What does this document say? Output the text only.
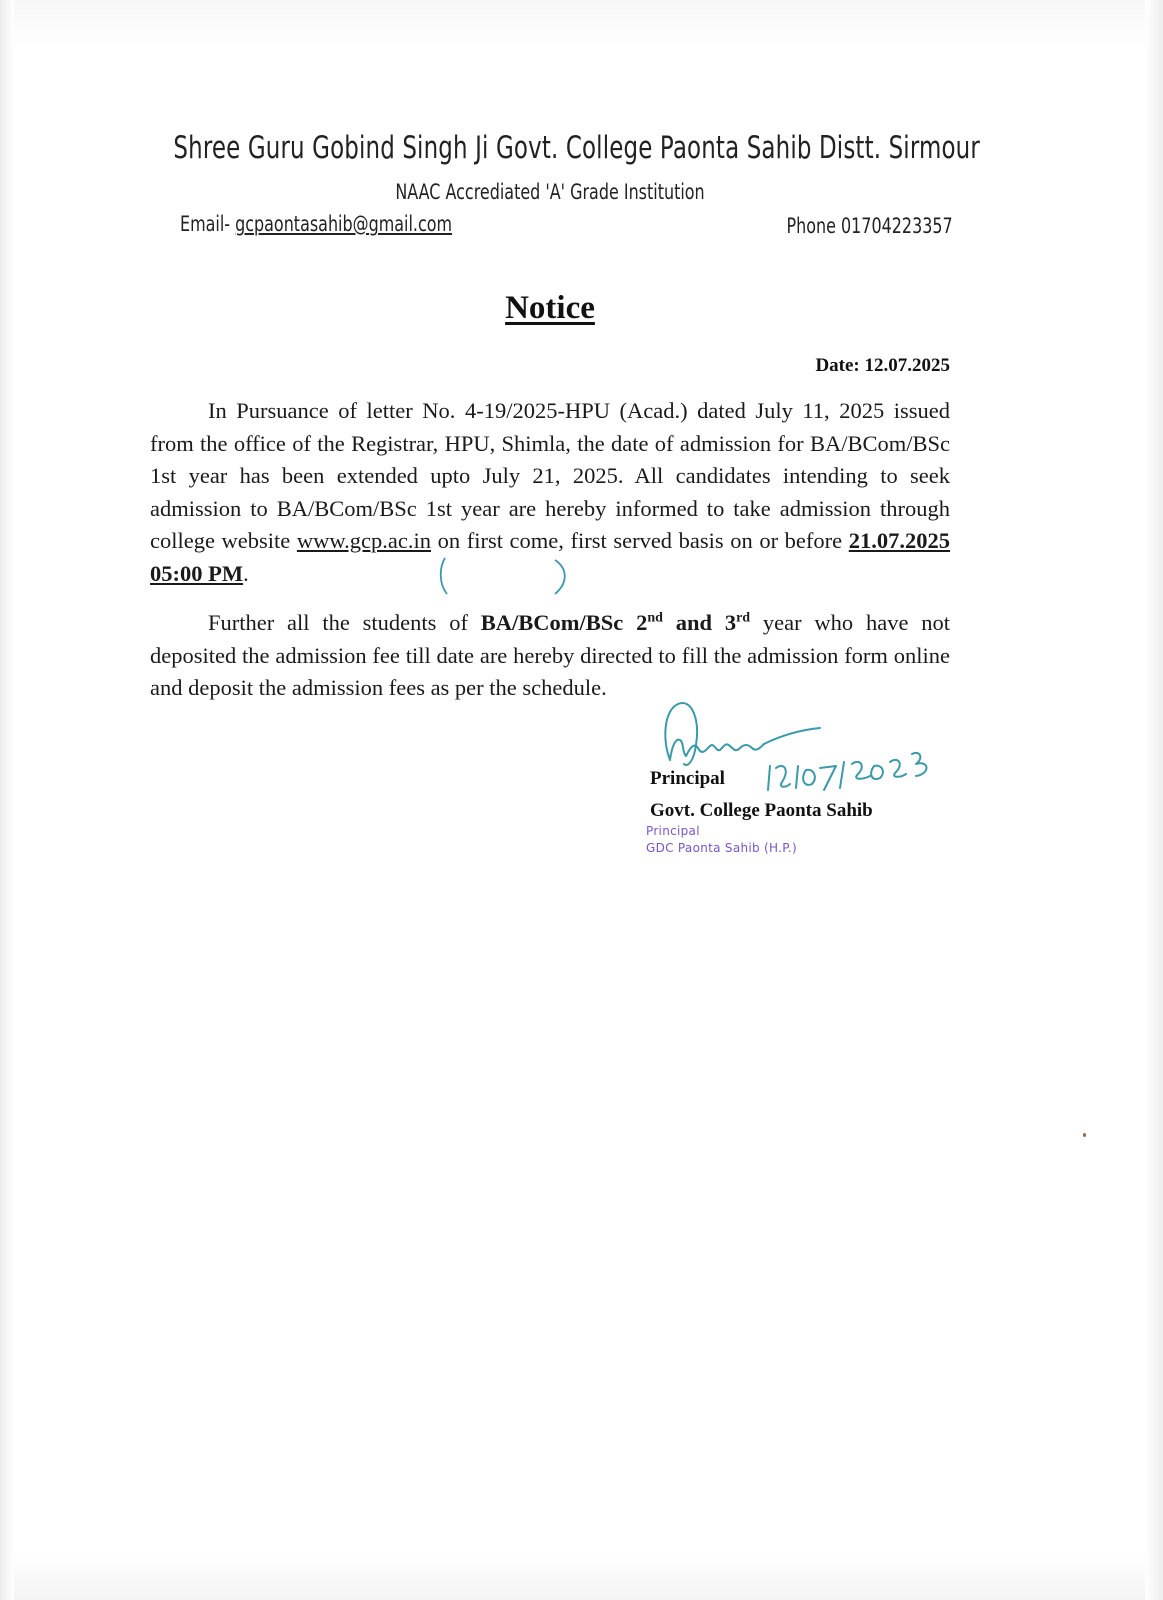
Shree Guru Gobind Singh Ji Govt. College Paonta Sahib Distt. Sirmour
NAAC Accrediated 'A' Grade Institution
Email- gcpaontasahib@gmail.com	Phone 01704223357
Notice
Date: 12.07.2025
In Pursuance of letter No. 4-19/2025-HPU (Acad.) dated July 11, 2025 issued from the office of the Registrar, HPU, Shimla, the date of admission for BA/BCom/BSc 1st year has been extended upto July 21, 2025. All candidates intending to seek admission to BA/BCom/BSc 1st year are hereby informed to take admission through college website www.gcp.ac.in on first come, first served basis on or before 21.07.2025 05:00 PM.
Further all the students of BA/BCom/BSc 2nd and 3rd year who have not deposited the admission fee till date are hereby directed to fill the admission form online and deposit the admission fees as per the schedule.
Principal
Govt. College Paonta Sahib
Principal
GDC Paonta Sahib (H.P.)
